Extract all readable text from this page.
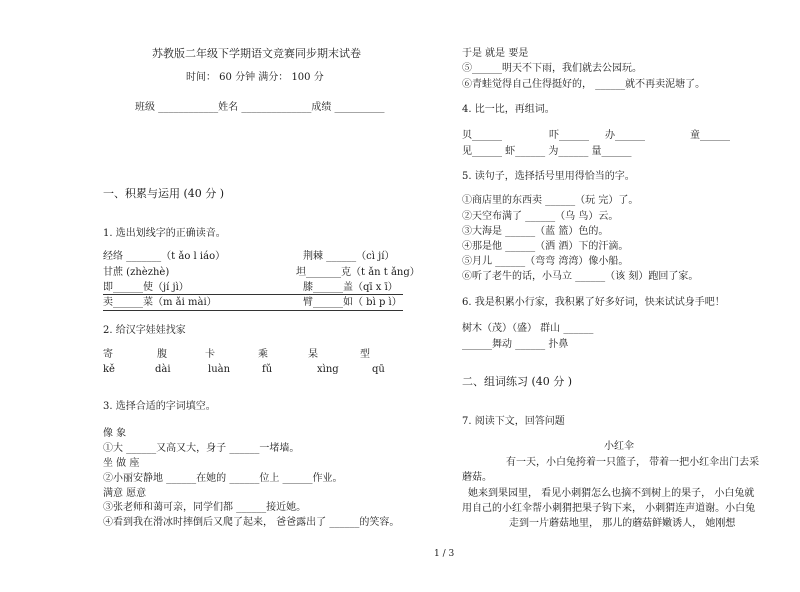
苏教版二年级下学期语文竞赛同步期末试卷
时间： 60 分钟 满分： 100 分
班级 ____________姓名 ______________成绩 __________
一、积累与运用 (40 分 )
1. 选出划线字的正确读音。
经络 _______（t ǎo l iáo）	荆棘 ______（cì jí）
甘蔗 (zhèzhè)	坦_______克（t ǎn t ǎng）
即______使（jí jì）	膝______盖（qī x ī）
卖______菜（m ǎi mài）	臂______如（ bì p ì）
2. 给汉字娃娃找家
寄	腹	卡	乘	杲	型
kě	dài	luàn	fǔ	xìng	qū
3. 选择合适的字词填空。
像 象
①大 ______又高又大，身子 ______一堵墙。
坐 做 座
②小丽安静地 ______在她的 ______位上 ______作业。
满意 愿意
③张老师和蔼可亲，同学们都 ______接近她。
④看到我在滑冰时摔倒后又爬了起来， 爸爸露出了 ______的笑容。
于是 就是 要是
⑤______明天不下雨，我们就去公园玩。
⑥青蛙觉得自己住得挺好的， ______就不再卖泥塘了。
4. 比一比，再组词。
贝______	吓______ 办______	童______
见______ 虾______ 为______ 量______
5. 读句子，选择括号里用得恰当的字。
①商店里的东西卖 ______（玩 完）了。
②天空布满了 ______（乌 鸟）云。
③大海是 ______（蓝 篮）色的。
④那是他 ______（洒 酒）下的汗滴。
⑤月儿 ______（弯弯 湾湾）像小船。
⑥听了老牛的话，小马立 ______（该 刻）跑回了家。
6. 我是积累小行家，我积累了好多好词，快来试试身手吧！
树木（茂）（盛） 群山 ______
______舞动 ______ 扑鼻
二、组词练习 (40 分 )
7. 阅读下文，回答问题
小红伞
有一天，小白兔挎着一只篮子， 带着一把小红伞出门去采
蘑菇。
她来到果园里， 看见小刺猬怎么也摘不到树上的果子， 小白兔就
用自己的小红伞帮小刺猬把果子钩下来， 小刺猬连声道谢。小白兔
走到一片蘑菇地里， 那儿的蘑菇鲜嫩诱人， 她刚想
1 / 3
